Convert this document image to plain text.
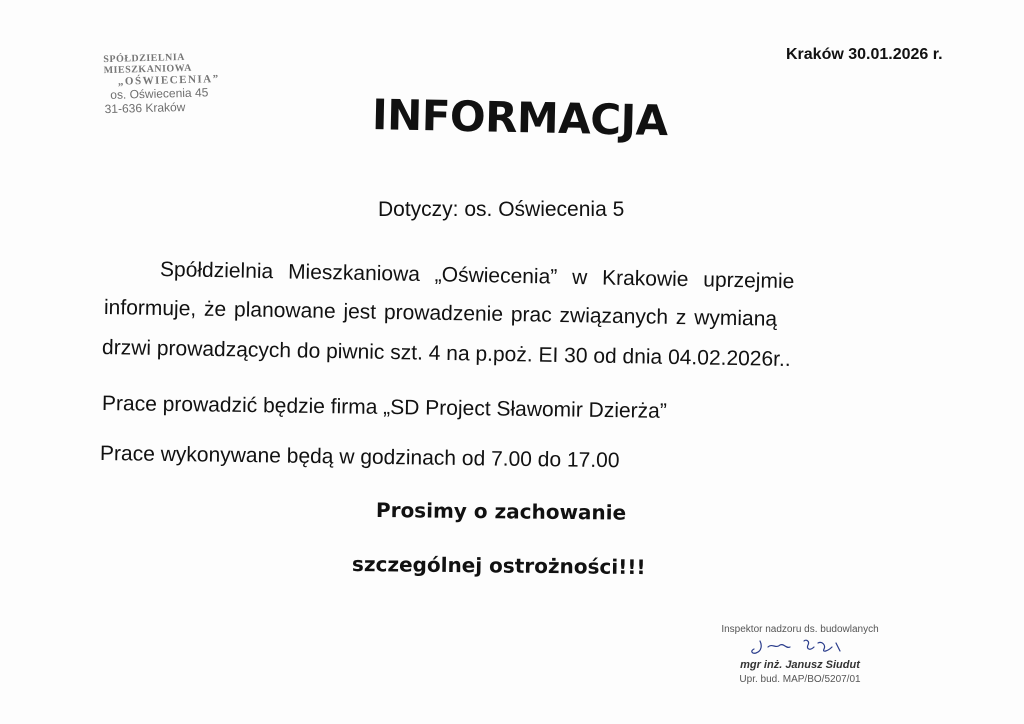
SPÓŁDZIELNIA MIESZKANIOWA
„OŚWIECENIA”
os. Oświecenia 45
31-636 Kraków
Kraków 30.01.2026 r.
INFORMACJA
Dotyczy: os. Oświecenia 5
Spółdzielnia Mieszkaniowa „Oświecenia” w Krakowie uprzejmie
informuje, że planowane jest prowadzenie prac związanych z wymianą
drzwi prowadzących do piwnic szt. 4 na p.poż. EI 30 od dnia 04.02.2026r..
Prace prowadzić będzie firma „SD Project Sławomir Dzierża”
Prace wykonywane będą w godzinach od 7.00 do 17.00
Prosimy o zachowanie
szczególnej ostrożności!!!
Inspektor nadzoru ds. budowlanych
mgr inż. Janusz Siudut
Upr. bud. MAP/BO/5207/01
